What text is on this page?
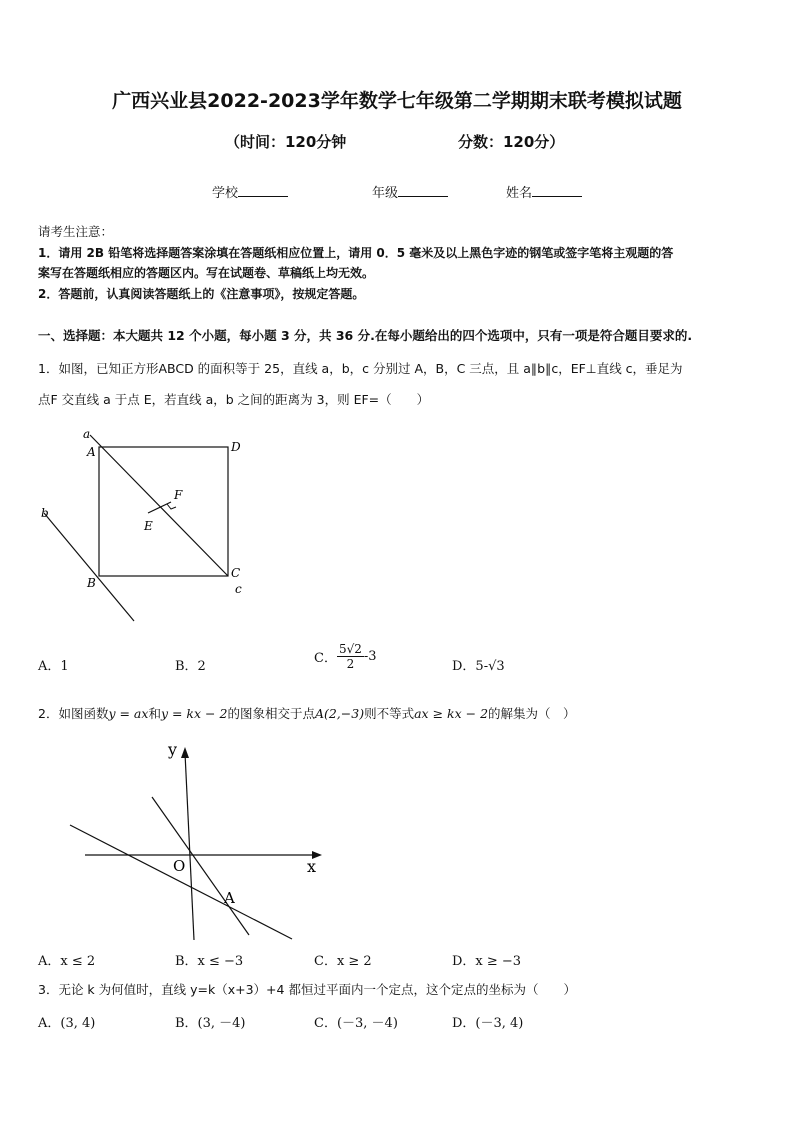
广西兴业县2022-2023学年数学七年级第二学期期末联考模拟试题
（时间：120分钟	分数：120分）
学校	年级	姓名
请考生注意：
1．请用 2B 铅笔将选择题答案涂填在答题纸相应位置上，请用 0．5 毫米及以上黑色字迹的钢笔或签字笔将主观题的答
案写在答题纸相应的答题区内。写在试题卷、草稿纸上均无效。
2．答题前，认真阅读答题纸上的《注意事项》，按规定答题。
一、选择题：本大题共 12 个小题，每小题 3 分，共 36 分.在每小题给出的四个选项中，只有一项是符合题目要求的.
1．如图，已知正方形ABCD 的面积等于 25，直线 a，b，c 分别过 A，B，C 三点，且 a∥b∥c，EF⊥直线 c，垂足为
点F 交直线 a 于点 E，若直线 a，b 之间的距离为 3，则 EF=（　　）
a
A	D
b
F
E
B
C
c
A．1	B．2
C． $\frac{5√2}{2} -3$
D．5-√3
2．如图函数y = ax和y = kx − 2的图象相交于点A(2,−3)则不等式ax ≥ kx − 2的解集为（　）
y
x
O
A
A．x ≤ 2	B．x ≤ −3	C．x ≥ 2	D．x ≥ −3
3．无论 k 为何值时，直线 y=k（x+3）+4 都恒过平面内一个定点，这个定点的坐标为（　　）
A．(3, 4)	B．(3, －4)	C．(－3, －4)	D．(－3, 4)
